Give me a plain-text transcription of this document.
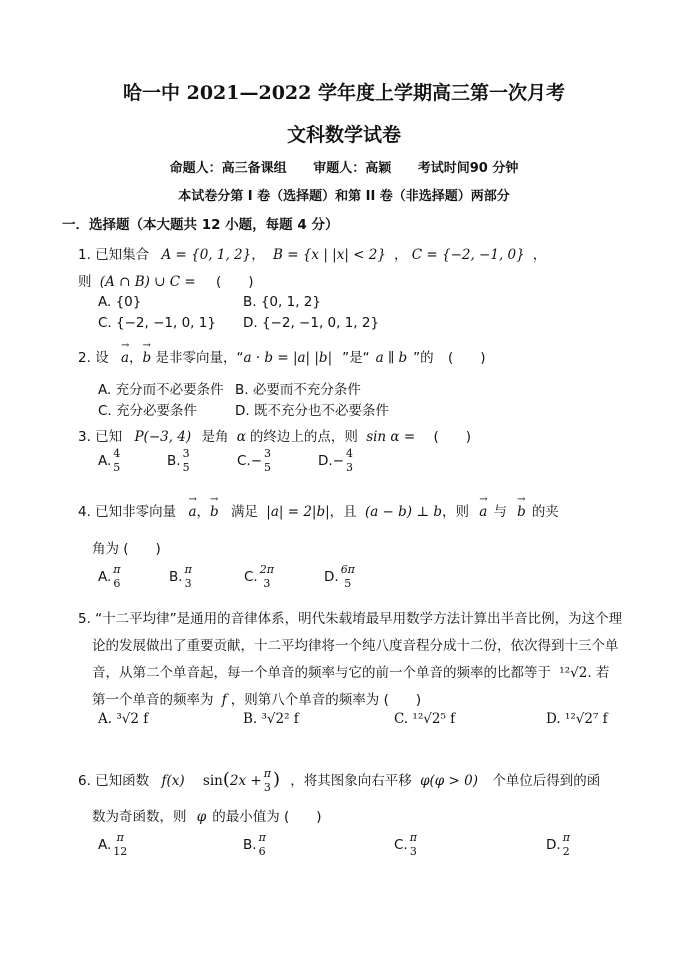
哈一中 2021—2022 学年度上学期高三第一次月考
文科数学试卷
命题人：高三备课组 审题人：高颖 考试时间90 分钟
本试卷分第 I 卷（选择题）和第 II 卷（非选择题）两部分
一．选择题（本大题共 12 小题，每题 4 分）
1. 已知集合 A = {0, 1, 2}， B = {x | |x| < 2} ， C = {−2, −1, 0} ，
则 (A ∩ B) ∪ C = (　　)
A. {0}	B. {0, 1, 2}
C. {−2, −1, 0, 1} D. {−2, −1, 0, 1, 2}
2. 设 → a，→ b 是非零向量，“a · b = |a| |b| ”是“ a ∥ b ”的 (　　)
A. 充分而不必要条件 B. 必要而不充分条件
C. 充分必要条件	D. 既不充分也不必要条件
3. 已知 P(−3, 4) 是角 α 的终边上的点，则 sin α = (　　)
A. 4
5	B. 3
5	C.− 3
5	D.− 4
3
4. 已知非零向量 → a，→ b 满足 |a| = 2|b|，且 (a − b) ⊥ b，则 → a 与 → b 的夹
角为 (　　)
A. π
6	B. π
3	C. 2π
3	D. 6π
5
5. “十二平均律”是通用的音律体系，明代朱载堉最早用数学方法计算出半音比例，为这个理
论的发展做出了重要贡献，十二平均律将一个纯八度音程分成十二份，依次得到十三个单
音，从第二个单音起，每一个单音的频率与它的前一个单音的频率的比都等于 ¹²√2. 若
第一个单音的频率为 f ，则第八个单音的频率为 (　　)
A. ³√2 f	B. ³√2² f	C. ¹²√2⁵ f	D. ¹²√2⁷ f
6. 已知函数 f(x) sin(2x + π
3 ) ，将其图象向右平移 φ(φ > 0) 个单位后得到的函
数为奇函数，则 φ 的最小值为 (　　)
A. π
12	B. π
6	C. π
3	D. π
2
